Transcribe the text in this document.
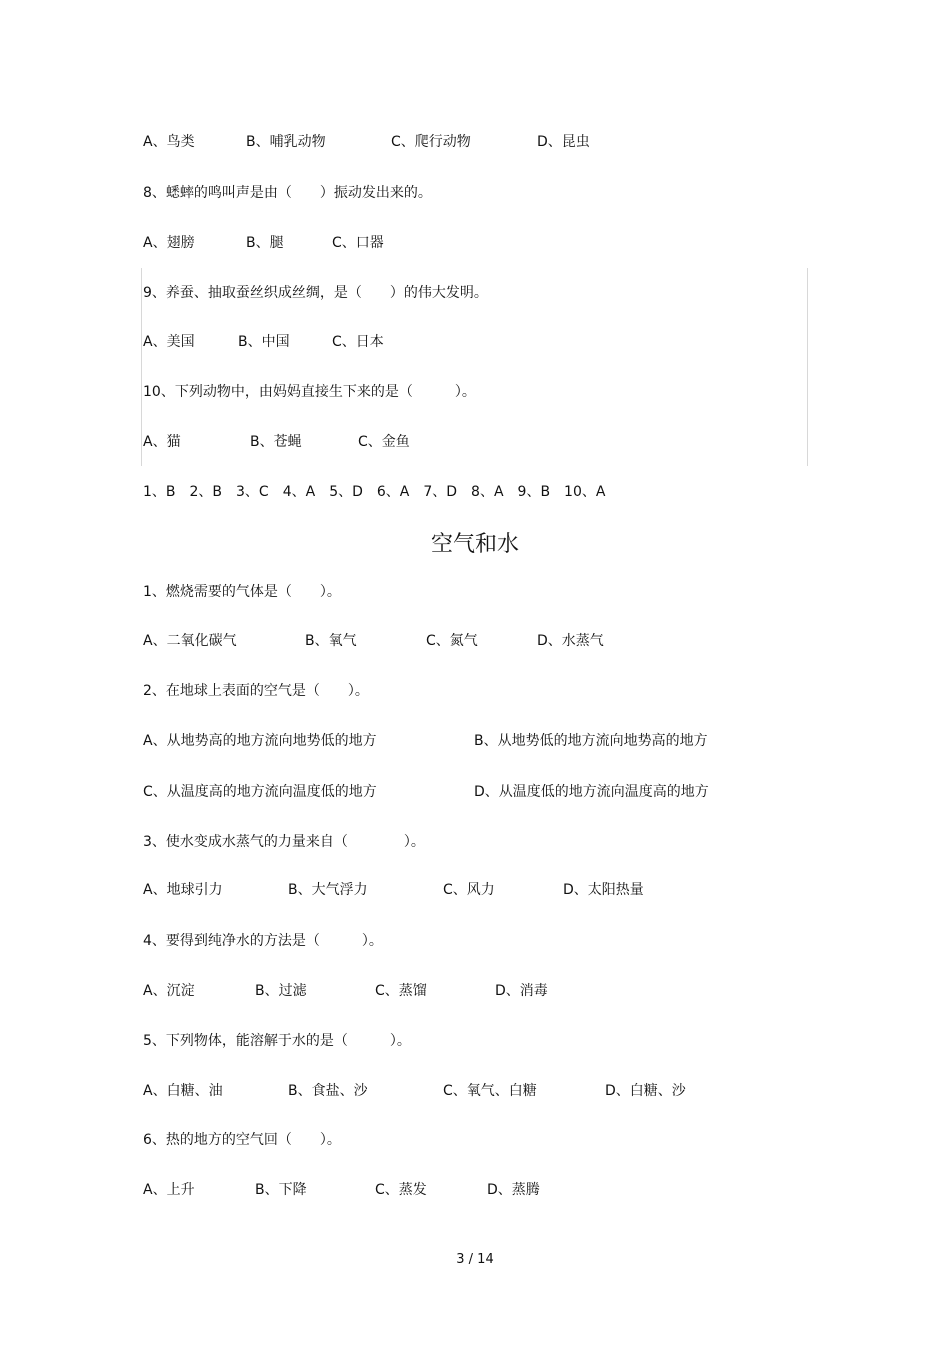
A、鸟类

	B、哺乳动物

	C、爬行动物

	D、昆虫

8、蟋蟀的鸣叫声是由（　　）振动发出来的。

A、翅膀

	B、腿

	C、口器

9、养蚕、抽取蚕丝织成丝绸，是（　　）的伟大发明。

A、美国

	B、中国

	C、日本

10、下列动物中，由妈妈直接生下来的是（　　　）。

A、猫

	B、苍蝇

	C、金鱼

1、B　2、B　3、C　4、A　5、D　6、A　7、D　8、A　9、B　10、A
空气和水
1、燃烧需要的气体是（　　）。

A、二氧化碳气

	B、氧气

	C、氮气

	D、水蒸气

2、在地球上表面的空气是（　　）。

A、从地势高的地方流向地势低的地方

	B、从地势低的地方流向地势高的地方

C、从温度高的地方流向温度低的地方

	D、从温度低的地方流向温度高的地方

3、使水变成水蒸气的力量来自（　　　　）。

A、地球引力

	B、大气浮力

	C、风力

	D、太阳热量

4、要得到纯净水的方法是（　　　）。

A、沉淀

	B、过滤

	C、蒸馏

	D、消毒

5、下列物体，能溶解于水的是（　　　）。

A、白糖、油

	B、食盐、沙

	C、氧气、白糖

	D、白糖、沙

6、热的地方的空气回（　　）。

A、上升

	B、下降

	C、蒸发

	D、蒸腾

3 / 14
